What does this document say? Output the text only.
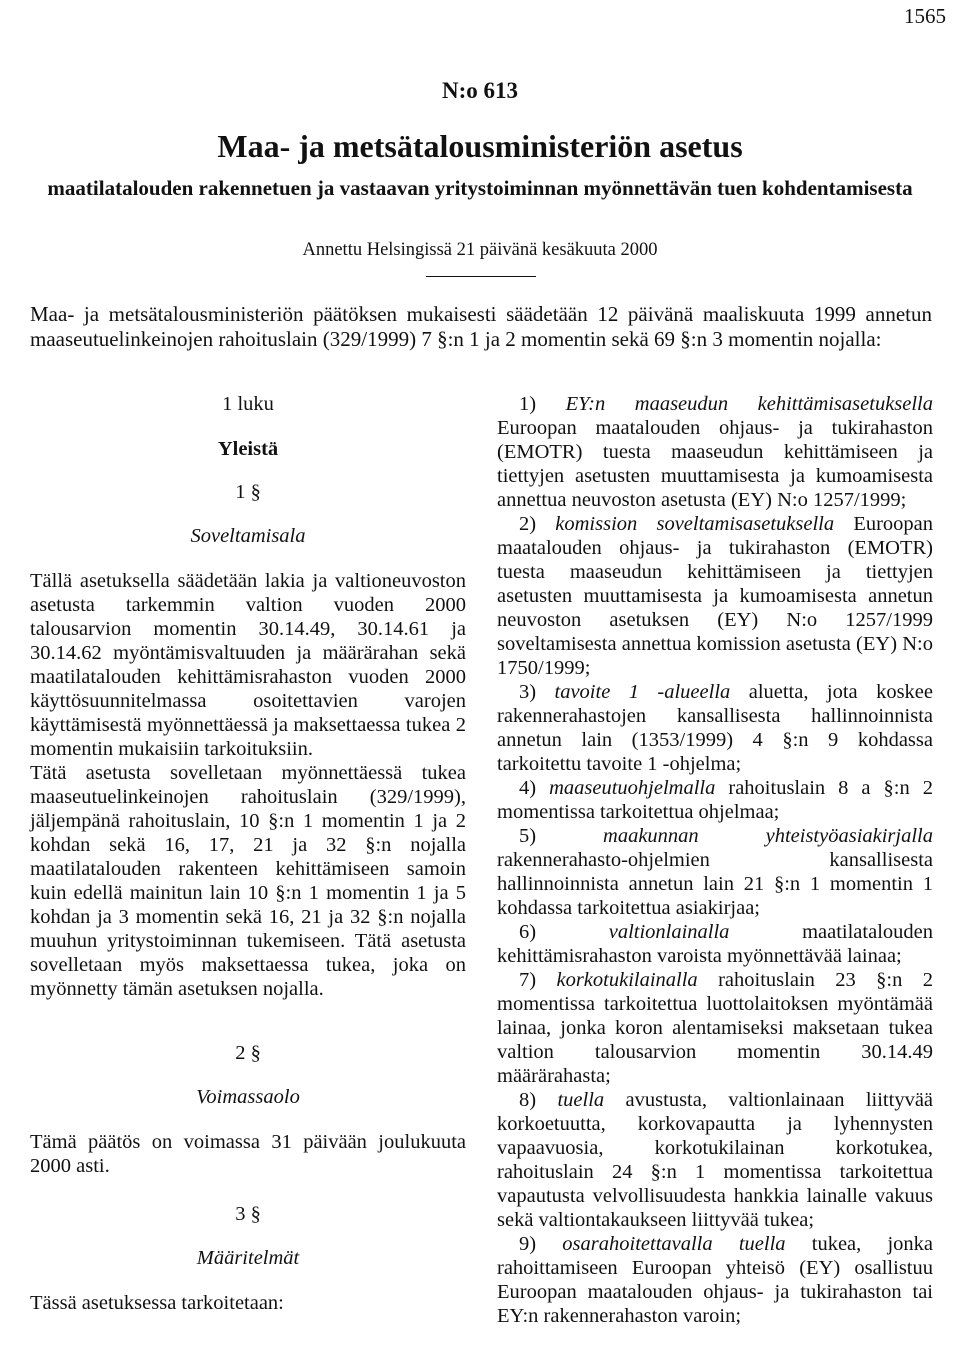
1565
N:o 613
Maa- ja metsätalousministeriön asetus
maatilatalouden rakennetuen ja vastaavan yritystoiminnan myönnettävän tuen kohdentamisesta
Annettu Helsingissä 21 päivänä kesäkuuta 2000
Maa- ja metsätalousministeriön päätöksen mukaisesti säädetään 12 päivänä maaliskuuta 1999 annetun maaseutuelinkeinojen rahoituslain (329/1999) 7 §:n 1 ja 2 momentin sekä 69 §:n 3 momentin nojalla:
1 luku
Yleistä
1 §
Soveltamisala

Tällä asetuksella säädetään lakia ja valtioneuvoston asetusta tarkemmin valtion vuoden 2000 talousarvion momentin 30.14.49, 30.14.61 ja 30.14.62 myöntämisvaltuuden ja määrärahan sekä maatilatalouden kehittämisrahaston vuoden 2000 käyttösuunnitelmassa osoitettavien varojen käyttämisestä myönnettäessä ja maksettaessa tukea 2 momentin mukaisiin tarkoituksiin.

Tätä asetusta sovelletaan myönnettäessä tukea maaseutuelinkeinojen rahoituslain (329/1999), jäljempänä rahoituslain, 10 §:n 1 momentin 1 ja 2 kohdan sekä 16, 17, 21 ja 32 §:n nojalla maatilatalouden rakenteen kehittämiseen samoin kuin edellä mainitun lain 10 §:n 1 momentin 1 ja 5 kohdan ja 3 momentin sekä 16, 21 ja 32 §:n nojalla muuhun yritystoiminnan tukemiseen. Tätä asetusta sovelletaan myös maksettaessa tukea, joka on myönnetty tämän asetuksen nojalla.

2 §
Voimassaolo

Tämä päätös on voimassa 31 päivään joulukuuta 2000 asti.

3 §
Määritelmät

Tässä asetuksessa tarkoitetaan:

1) EY:n maaseudun kehittämisasetuksella Euroopan maatalouden ohjaus- ja tukirahaston (EMOTR) tuesta maaseudun kehittämiseen ja tiettyjen asetusten muuttamisesta ja kumoamisesta annettua neuvoston asetusta (EY) N:o 1257/1999;

2) komission soveltamisasetuksella Euroopan maatalouden ohjaus- ja tukirahaston (EMOTR) tuesta maaseudun kehittämiseen ja tiettyjen asetusten muuttamisesta ja kumoamisesta annetun neuvoston asetuksen (EY) N:o 1257/1999 soveltamisesta annettua komission asetusta (EY) N:o 1750/1999;

3) tavoite 1 -alueella aluetta, jota koskee rakennerahastojen kansallisesta hallinnoinnista annetun lain (1353/1999) 4 §:n 9 kohdassa tarkoitettu tavoite 1 -ohjelma;

4) maaseutuohjelmalla rahoituslain 8 a §:n 2 momentissa tarkoitettua ohjelmaa;

5)	maakunnan yhteistyöasiakirjalla rakennerahasto-ohjelmien kansallisesta hallinnoinnista annetun lain 21 §:n 1 momentin 1 kohdassa tarkoitettua asiakirjaa;

6)	valtionlainalla	maatilatalouden kehittämisrahaston varoista myönnettävää lainaa;

7) korkotukilainalla rahoituslain 23 §:n 2 momentissa tarkoitettua luottolaitoksen myöntämää lainaa, jonka koron alentamiseksi maksetaan tukea valtion talousarvion momentin 30.14.49 määrärahasta;

8) tuella avustusta, valtionlainaan liittyvää korkoetuutta, korkovapautta ja lyhennysten vapaavuosia, korkotukilainan korkotukea, rahoituslain 24 §:n 1 momentissa tarkoitettua vapautusta velvollisuudesta hankkia lainalle vakuus sekä valtiontakaukseen liittyvää tukea;

9) osarahoitettavalla tuella tukea, jonka rahoittamiseen Euroopan yhteisö (EY) osallistuu Euroopan maatalouden ohjaus- ja tukirahaston tai EY:n rakennerahaston varoin;
